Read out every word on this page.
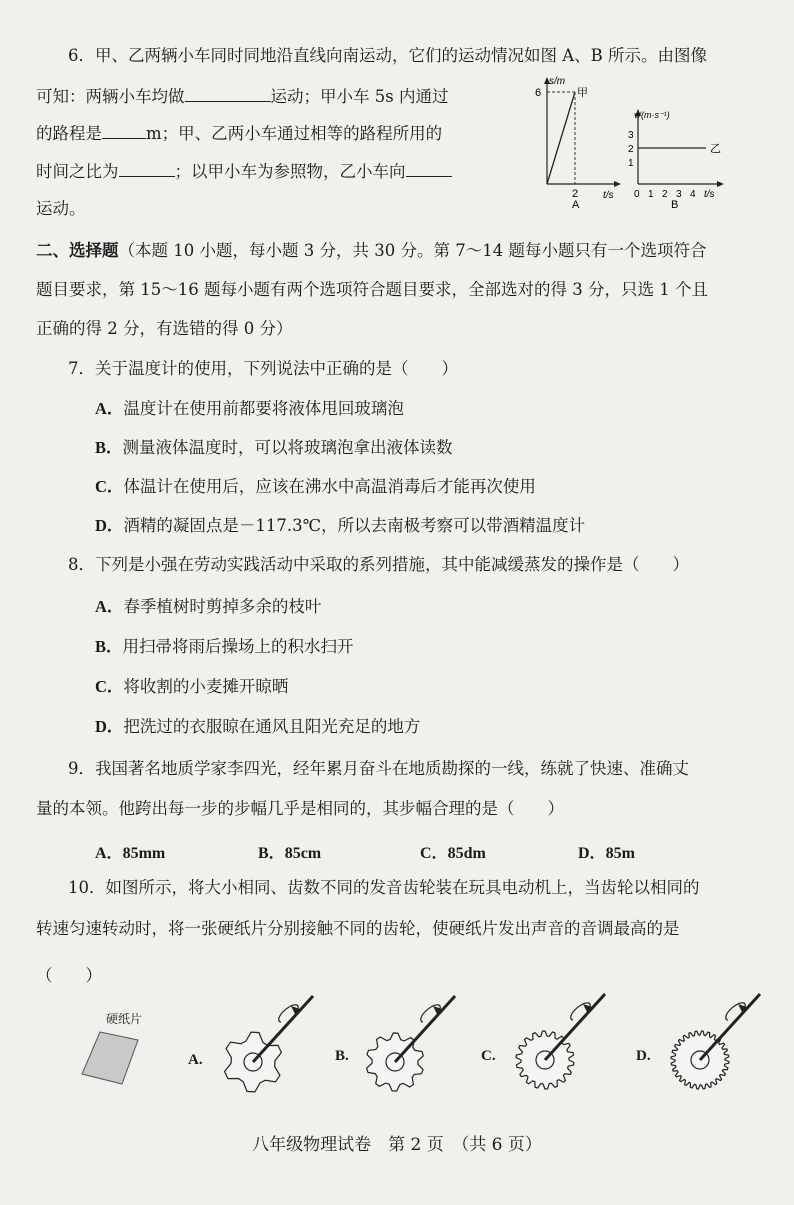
6．甲、乙两辆小车同时同地沿直线向南运动，它们的运动情况如图 A、B 所示。由图像
可知：两辆小车均做	运动；甲小车 5s 内通过
的路程是	m；甲、乙两小车通过相等的路程所用的
时间之比为	；以甲小车为参照物，乙小车向
运动。
s/m
6	甲
2 t/s
A
v/(m·s⁻¹)
3
2
1
乙
0 1 2 3 4 t/s
B
二、选择题（本题 10 小题，每小题 3 分，共 30 分。第 7～14 题每小题只有一个选项符合
题目要求，第 15～16 题每小题有两个选项符合题目要求，全部选对的得 3 分，只选 1 个且
正确的得 2 分，有选错的得 0 分）
7．关于温度计的使用，下列说法中正确的是（　　）
A．温度计在使用前都要将液体甩回玻璃泡
B．测量液体温度时，可以将玻璃泡拿出液体读数
C．体温计在使用后，应该在沸水中高温消毒后才能再次使用
D．酒精的凝固点是－117.3℃，所以去南极考察可以带酒精温度计
8．下列是小强在劳动实践活动中采取的系列措施，其中能减缓蒸发的操作是（　　）
A．春季植树时剪掉多余的枝叶
B．用扫帚将雨后操场上的积水扫开
C．将收割的小麦摊开晾晒
D．把洗过的衣服晾在通风且阳光充足的地方
9．我国著名地质学家李四光，经年累月奋斗在地质勘探的一线，练就了快速、准确丈
量的本领。他跨出每一步的步幅几乎是相同的，其步幅合理的是（　　）
A．85mm	B．85cm	C．85dm	D．85m
10．如图所示，将大小相同、齿数不同的发音齿轮装在玩具电动机上，当齿轮以相同的
转速匀速转动时，将一张硬纸片分别接触不同的齿轮，使硬纸片发出声音的音调最高的是
（　　）
硬纸片
A.	B.	C.	D.
八年级物理试卷　第 2 页　（共 6 页）
